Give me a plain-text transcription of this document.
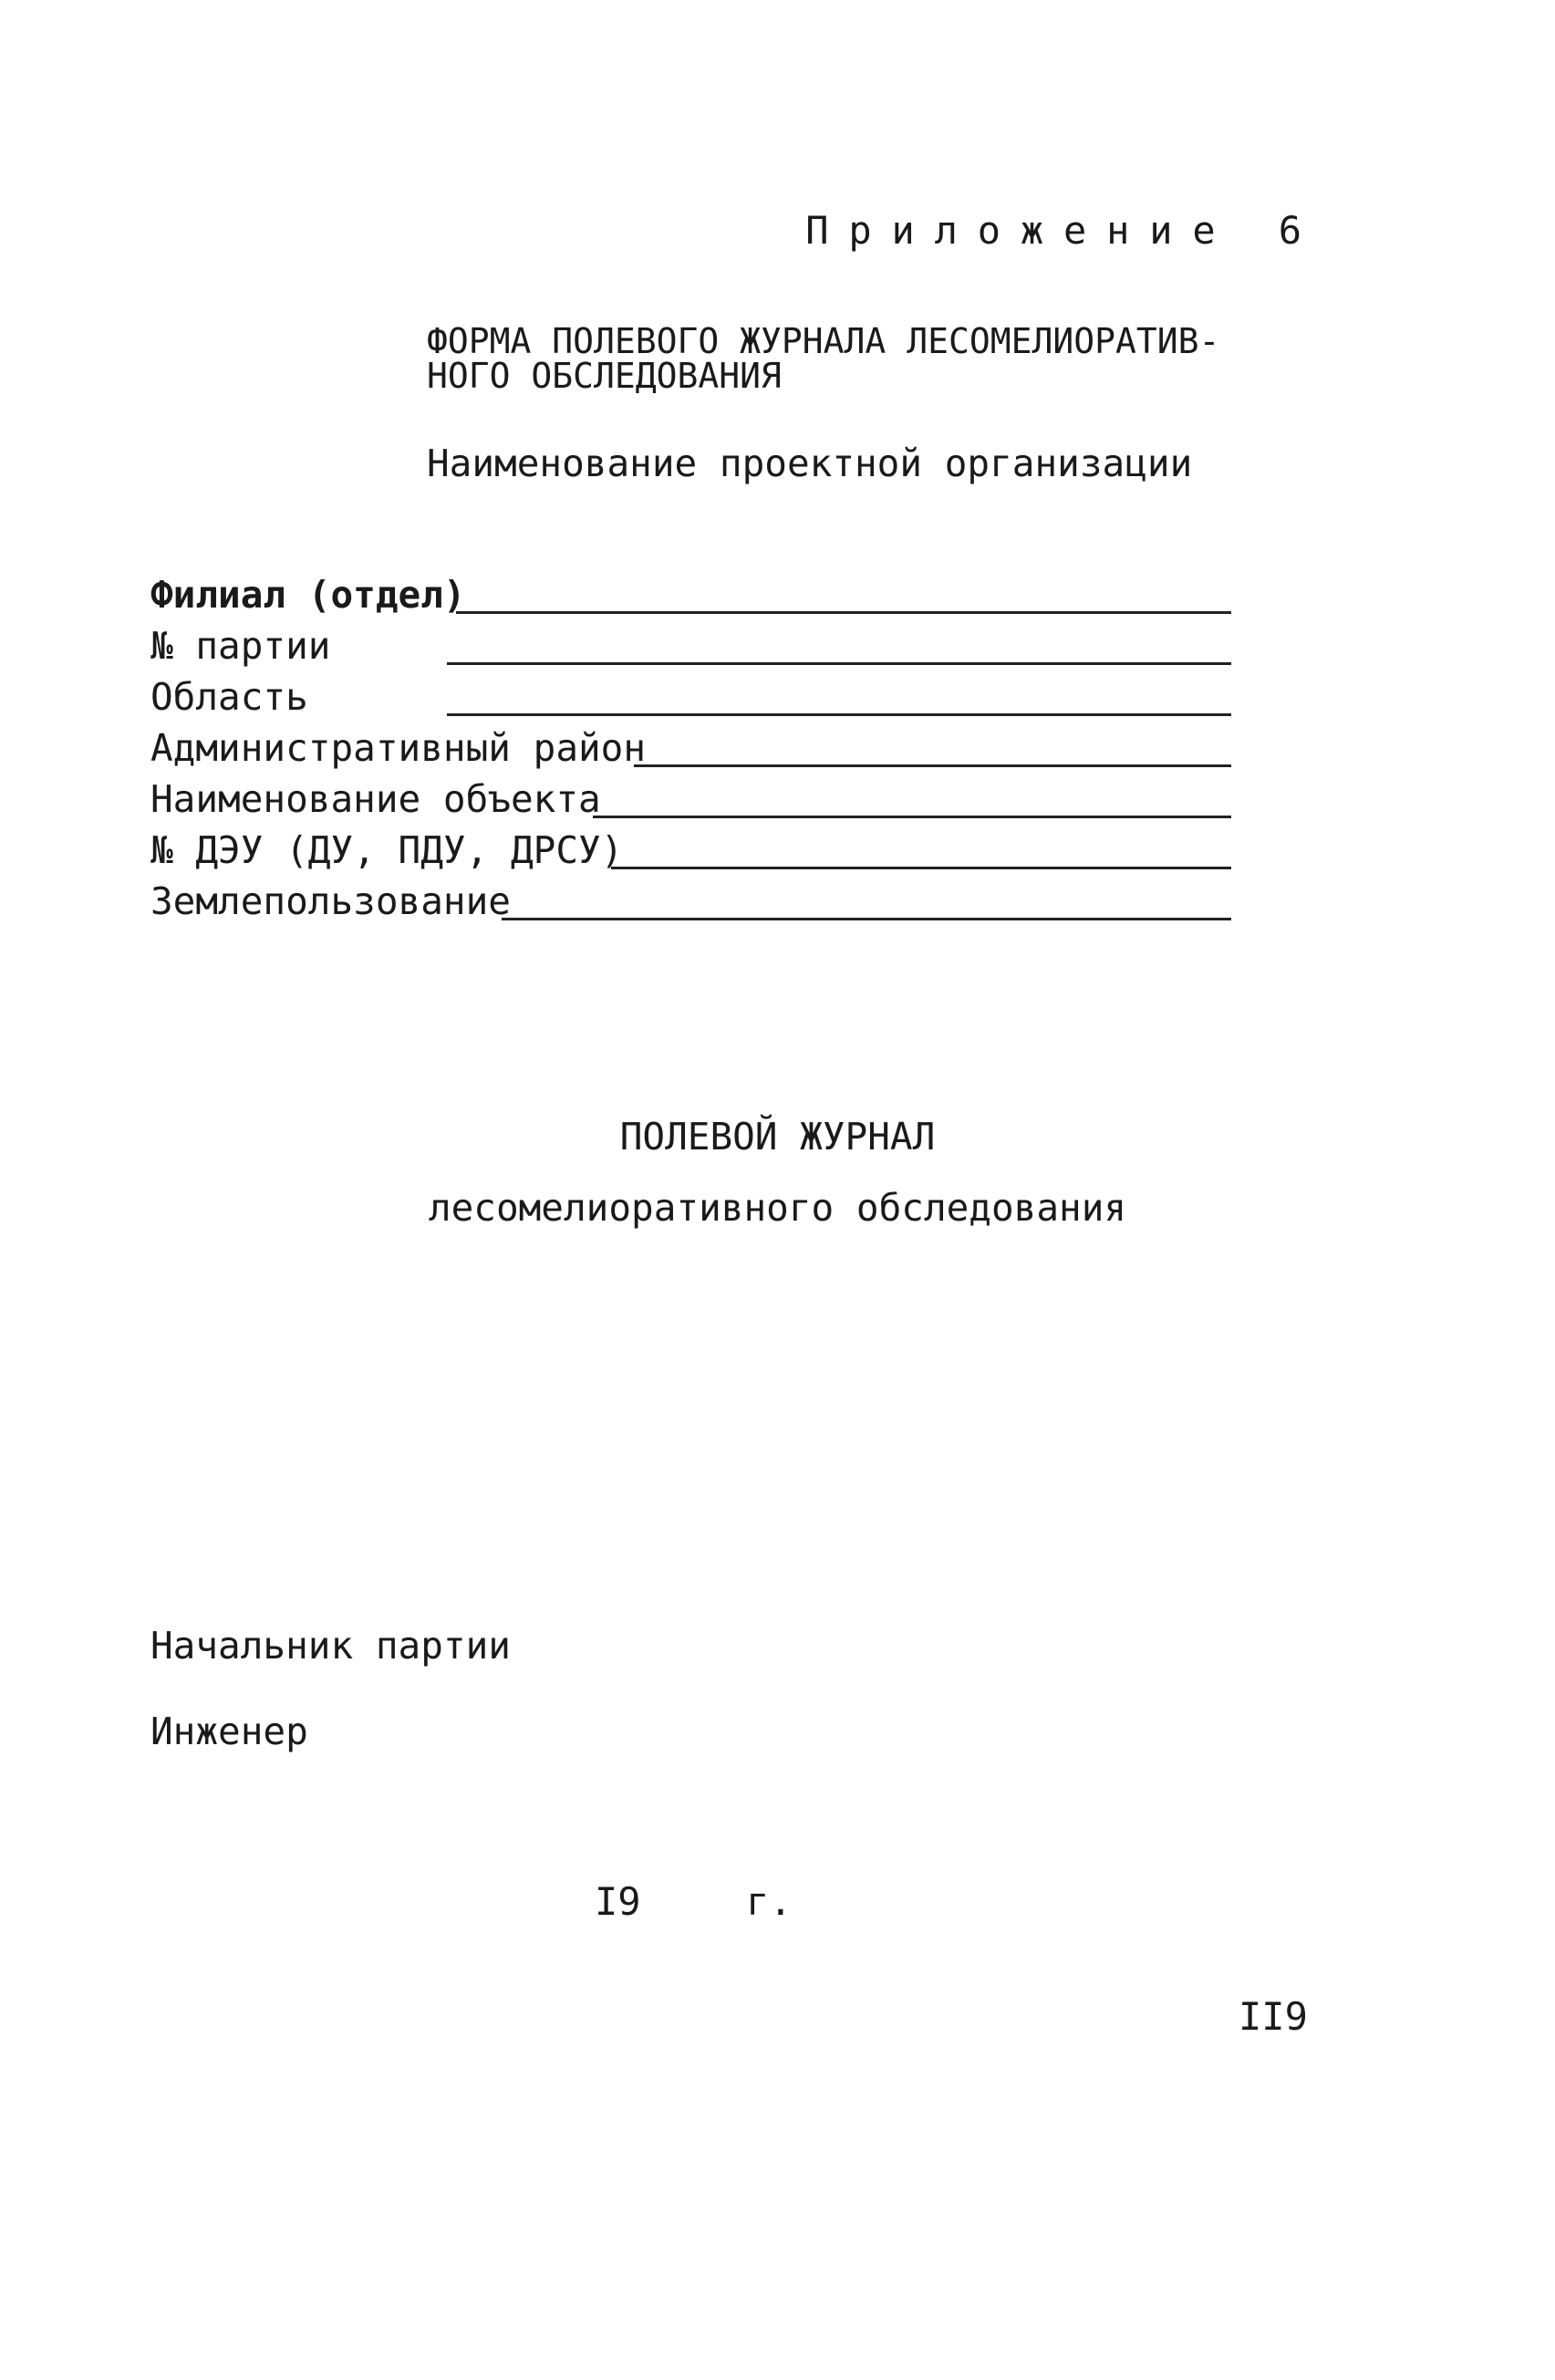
Приложение 6
ФОРМА ПОЛЕВОГО ЖУРНАЛА ЛЕСОМЕЛИОРАТИВ-НОГО ОБСЛЕДОВАНИЯ
Наименование проектной организации
Филиал (отдел)
№ партии
Область
Административный район
Наименование объекта
№ ДЭУ (ДУ, ПДУ, ДРСУ)
Землепользование
ПОЛЕВОЙ ЖУРНАЛ
лесомелиоративного обследования
Начальник партии
Инженер
I9	г.
II9
